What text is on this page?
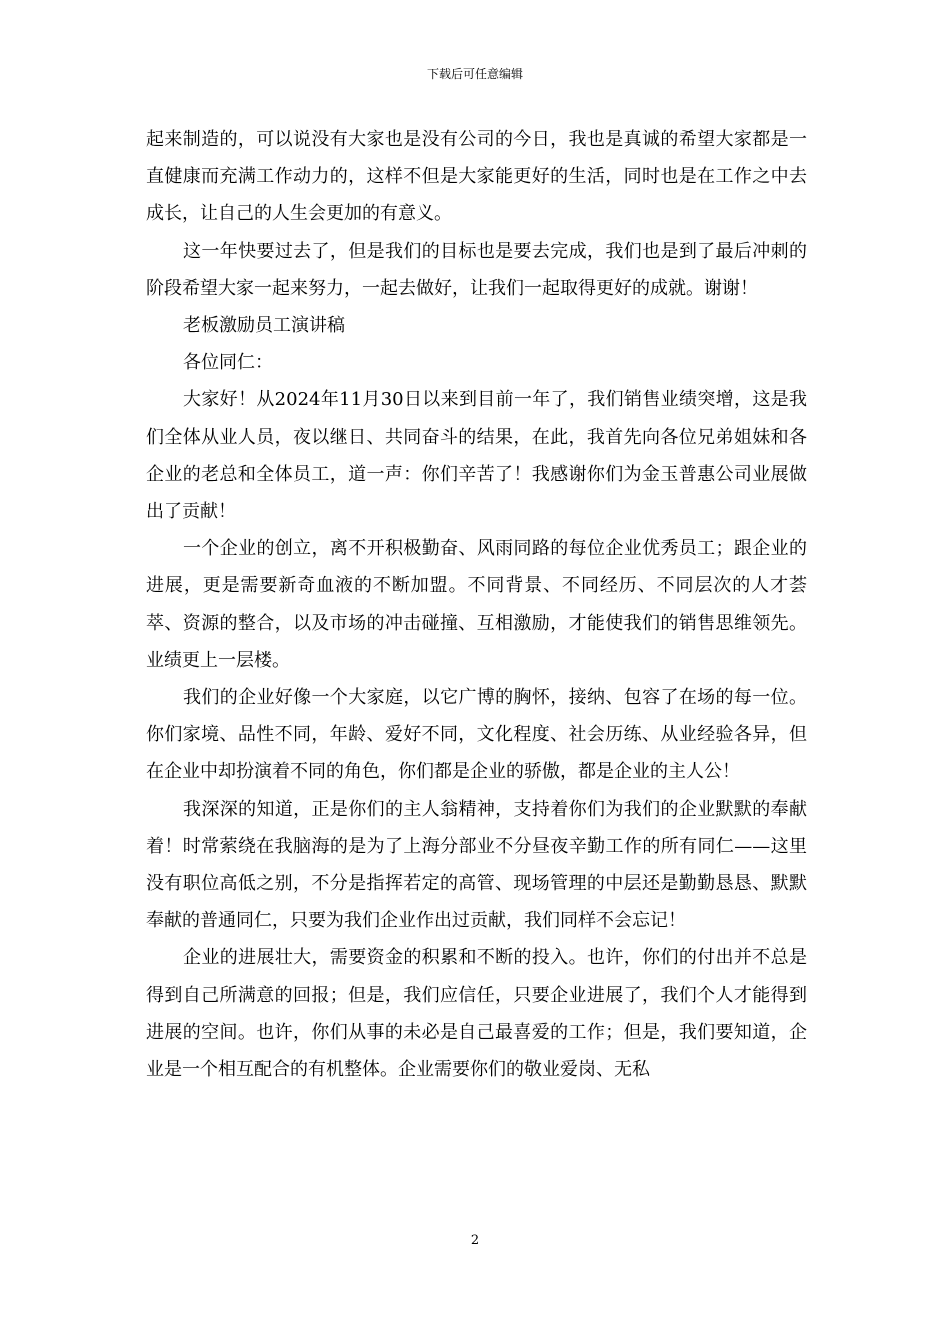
下载后可任意编辑

起来制造的，可以说没有大家也是没有公司的今日，我也是真诚的希望大家都是一直健康而充满工作动力的，这样不但是大家能更好的生活，同时也是在工作之中去成长，让自己的人生会更加的有意义。

这一年快要过去了，但是我们的目标也是要去完成，我们也是到了最后冲刺的阶段希望大家一起来努力，一起去做好，让我们一起取得更好的成就。谢谢！

老板激励员工演讲稿

各位同仁：

大家好！从2024年11月30日以来到目前一年了，我们销售业绩突增，这是我们全体从业人员，夜以继日、共同奋斗的结果，在此，我首先向各位兄弟姐妹和各企业的老总和全体员工，道一声：你们辛苦了！我感谢你们为金玉普惠公司业展做出了贡献！

一个企业的创立，离不开积极勤奋、风雨同路的每位企业优秀员工；跟企业的进展，更是需要新奇血液的不断加盟。不同背景、不同经历、不同层次的人才荟萃、资源的整合，以及市场的冲击碰撞、互相激励，才能使我们的销售思维领先。业绩更上一层楼。

我们的企业好像一个大家庭，以它广博的胸怀，接纳、包容了在场的每一位。你们家境、品性不同，年龄、爱好不同，文化程度、社会历练、从业经验各异，但在企业中却扮演着不同的角色，你们都是企业的骄傲，都是企业的主人公！

我深深的知道，正是你们的主人翁精神，支持着你们为我们的企业默默的奉献着！时常萦绕在我脑海的是为了上海分部业不分昼夜辛勤工作的所有同仁——这里没有职位高低之别，不分是指挥若定的高管、现场管理的中层还是勤勤恳恳、默默奉献的普通同仁，只要为我们企业作出过贡献，我们同样不会忘记！

企业的进展壮大，需要资金的积累和不断的投入。也许，你们的付出并不总是得到自己所满意的回报；但是，我们应信任，只要企业进展了，我们个人才能得到进展的空间。也许，你们从事的未必是自己最喜爱的工作；但是，我们要知道，企业是一个相互配合的有机整体。企业需要你们的敬业爱岗、无私

2
